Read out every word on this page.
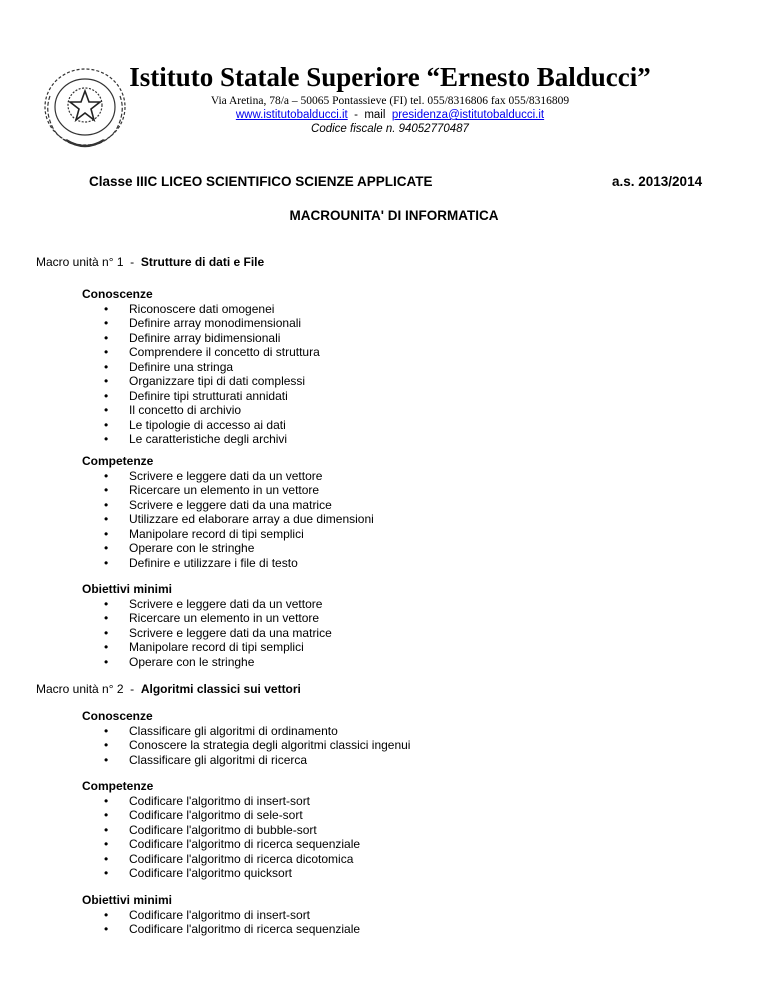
Istituto Statale Superiore “Ernesto Balducci”
Via Aretina, 78/a – 50065 Pontassieve (FI) tel. 055/8316806 fax 055/8316809
www.istitutobalducci.it  -  mail  presidenza@istitutobalducci.it
Codice fiscale n. 94052770487
Classe IIIC LICEO SCIENTIFICO SCIENZE APPLICATE	a.s. 2013/2014
MACROUNITA' DI INFORMATICA
Macro unità n° 1  -  Strutture di dati e File
Conoscenze
• Riconoscere dati omogenei
• Definire array monodimensionali
• Definire array bidimensionali
• Comprendere il concetto di struttura
• Definire una stringa
• Organizzare tipi di dati complessi
• Definire tipi strutturati annidati
• Il concetto di archivio
• Le tipologie di accesso ai dati
• Le caratteristiche degli archivi
Competenze
• Scrivere e leggere dati da un vettore
• Ricercare un elemento in un vettore
• Scrivere e leggere dati da una matrice
• Utilizzare ed elaborare array a due dimensioni
• Manipolare record di tipi semplici
• Operare con le stringhe
• Definire e utilizzare i file di testo
Obiettivi minimi
• Scrivere e leggere dati da un vettore
• Ricercare un elemento in un vettore
• Scrivere e leggere dati da una matrice
• Manipolare record di tipi semplici
• Operare con le stringhe
Macro unità n° 2  -  Algoritmi classici sui vettori
Conoscenze
• Classificare gli algoritmi di ordinamento
• Conoscere la strategia degli algoritmi classici ingenui
• Classificare gli algoritmi di ricerca
Competenze
• Codificare l'algoritmo di insert-sort
• Codificare l'algoritmo di sele-sort
• Codificare l'algoritmo di bubble-sort
• Codificare l'algoritmo di ricerca sequenziale
• Codificare l'algoritmo di ricerca dicotomica
• Codificare l'algoritmo quicksort
Obiettivi minimi
• Codificare l'algoritmo di insert-sort
• Codificare l'algoritmo di ricerca sequenziale
